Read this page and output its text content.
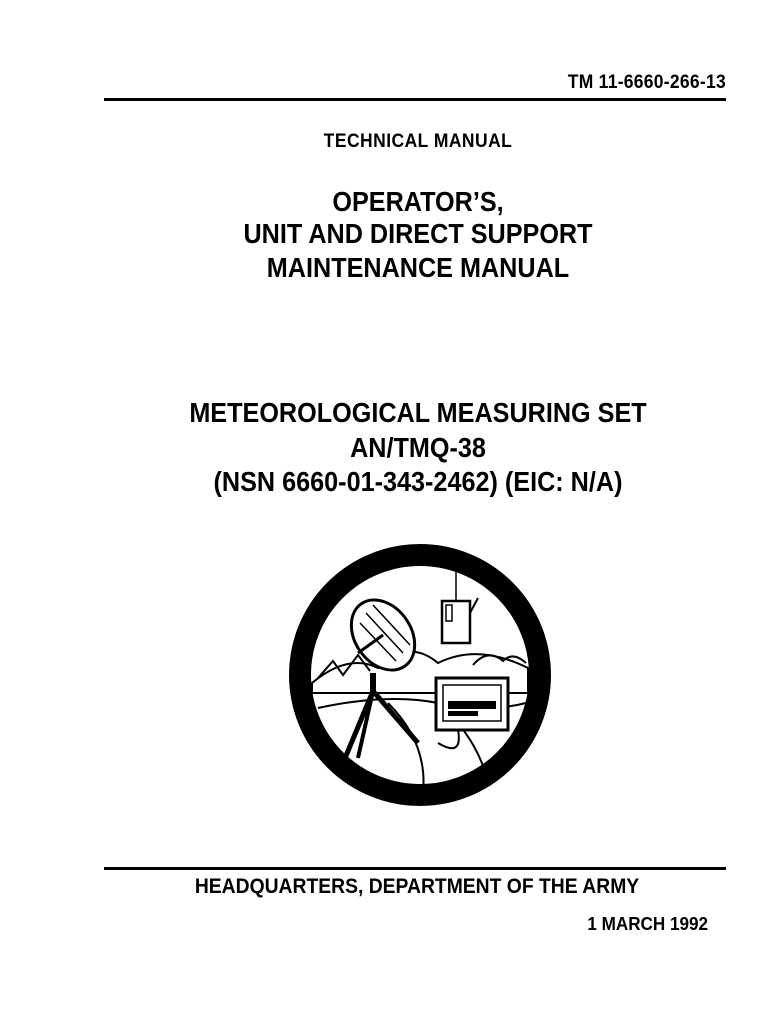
TM 11-6660-266-13
TECHNICAL MANUAL
OPERATOR’S,
UNIT AND DIRECT SUPPORT
MAINTENANCE MANUAL
METEOROLOGICAL MEASURING SET
AN/TMQ-38
(NSN 6660-01-343-2462) (EIC: N/A)
HEADQUARTERS, DEPARTMENT OF THE ARMY
1 MARCH 1992
